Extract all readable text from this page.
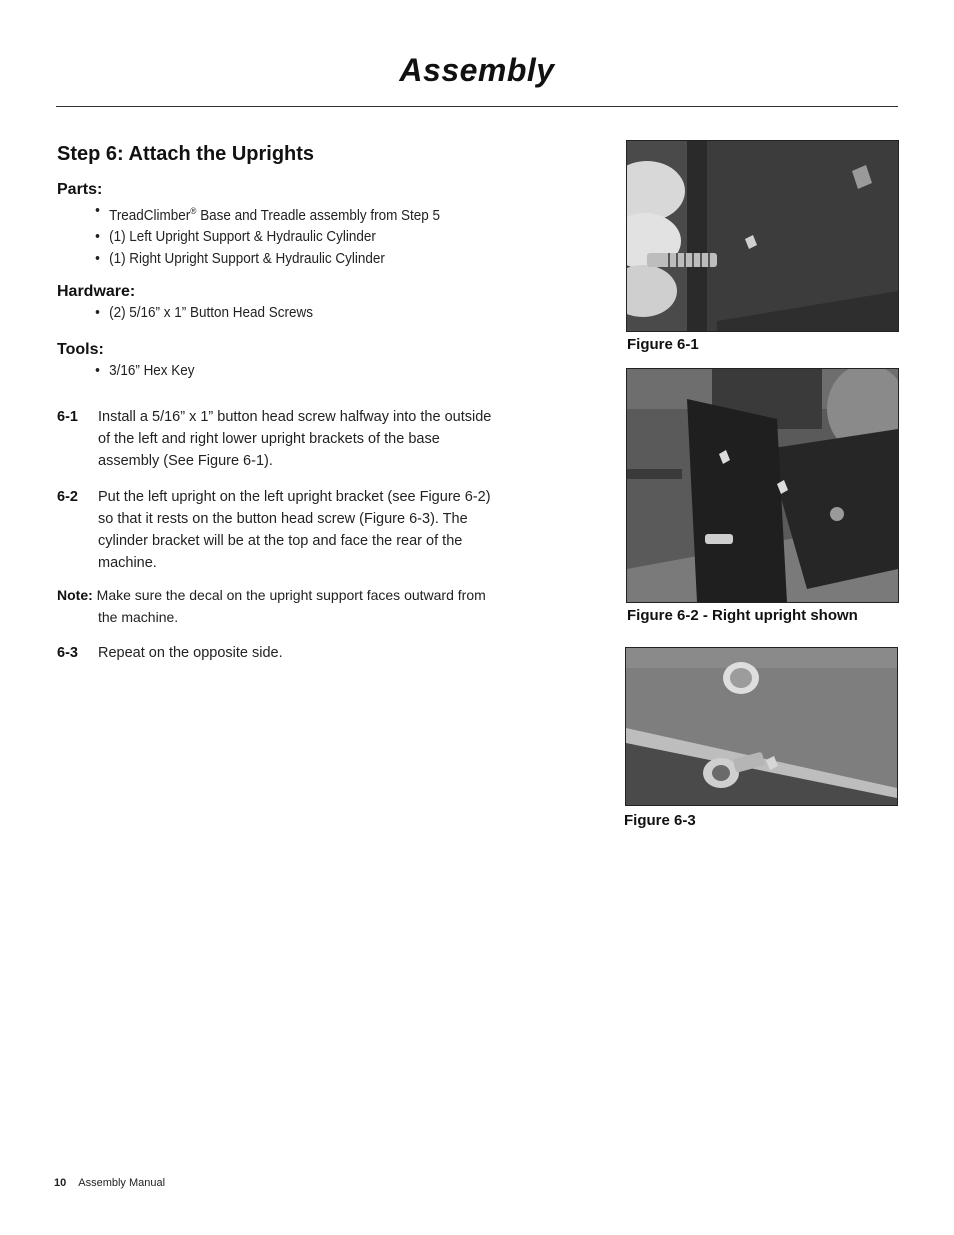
Assembly
Step 6: Attach the Uprights
Parts:
• TreadClimber® Base and Treadle assembly from Step 5
• (1) Left Upright Support & Hydraulic Cylinder
• (1) Right Upright Support & Hydraulic Cylinder
Hardware:
• (2) 5/16” x 1” Button Head Screws
Tools:
• 3/16” Hex Key
6-1 Install a 5/16” x 1” button head screw halfway into the outside of the left and right lower upright brackets of the base assembly (See Figure 6-1).
6-2 Put the left upright on the left upright bracket (see Figure 6-2) so that it rests on the button head screw (Figure 6-3). The cylinder bracket will be at the top and face the rear of the machine.
Note: Make sure the decal on the upright support faces outward from
the machine.
6-3 Repeat on the opposite side.
Figure 6-1
Figure 6-2 - Right upright shown
Figure 6-3
10 Assembly Manual
